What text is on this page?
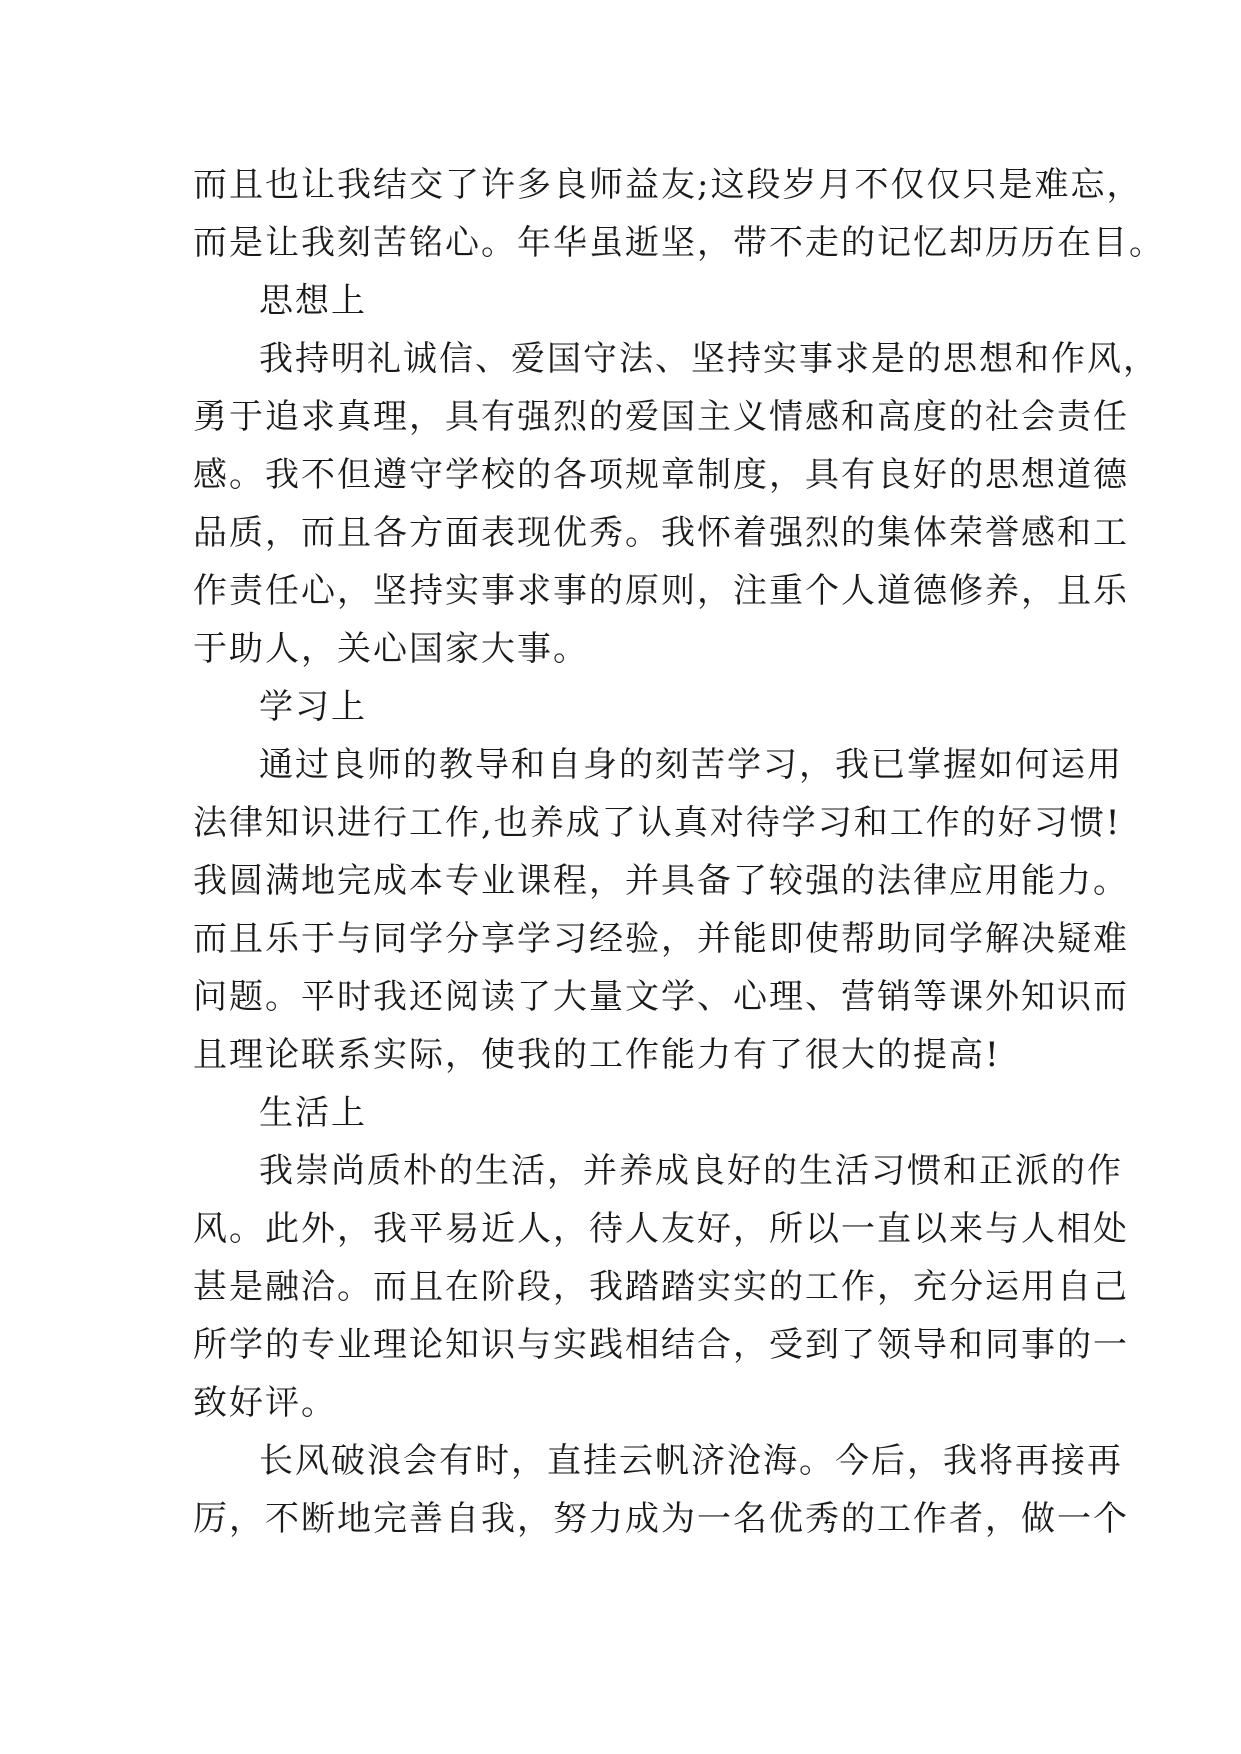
而且也让我结交了许多良师益友;这段岁月不仅仅只是难忘，
而是让我刻苦铭心。年华虽逝坚，带不走的记忆却历历在目。
思想上
我持明礼诚信、爱国守法、坚持实事求是的思想和作风，
勇于追求真理，具有强烈的爱国主义情感和高度的社会责任
感。我不但遵守学校的各项规章制度，具有良好的思想道德
品质，而且各方面表现优秀。我怀着强烈的集体荣誉感和工
作责任心，坚持实事求事的原则，注重个人道德修养，且乐
于助人，关心国家大事。
学习上
通过良师的教导和自身的刻苦学习，我已掌握如何运用
法律知识进行工作,也养成了认真对待学习和工作的好习惯!
我圆满地完成本专业课程，并具备了较强的法律应用能力。
而且乐于与同学分享学习经验，并能即使帮助同学解决疑难
问题。平时我还阅读了大量文学、心理、营销等课外知识而
且理论联系实际，使我的工作能力有了很大的提高!
生活上
我崇尚质朴的生活，并养成良好的生活习惯和正派的作
风。此外，我平易近人，待人友好，所以一直以来与人相处
甚是融洽。而且在阶段，我踏踏实实的工作，充分运用自己
所学的专业理论知识与实践相结合，受到了领导和同事的一
致好评。
长风破浪会有时，直挂云帆济沧海。今后，我将再接再
厉，不断地完善自我，努力成为一名优秀的工作者，做一个
